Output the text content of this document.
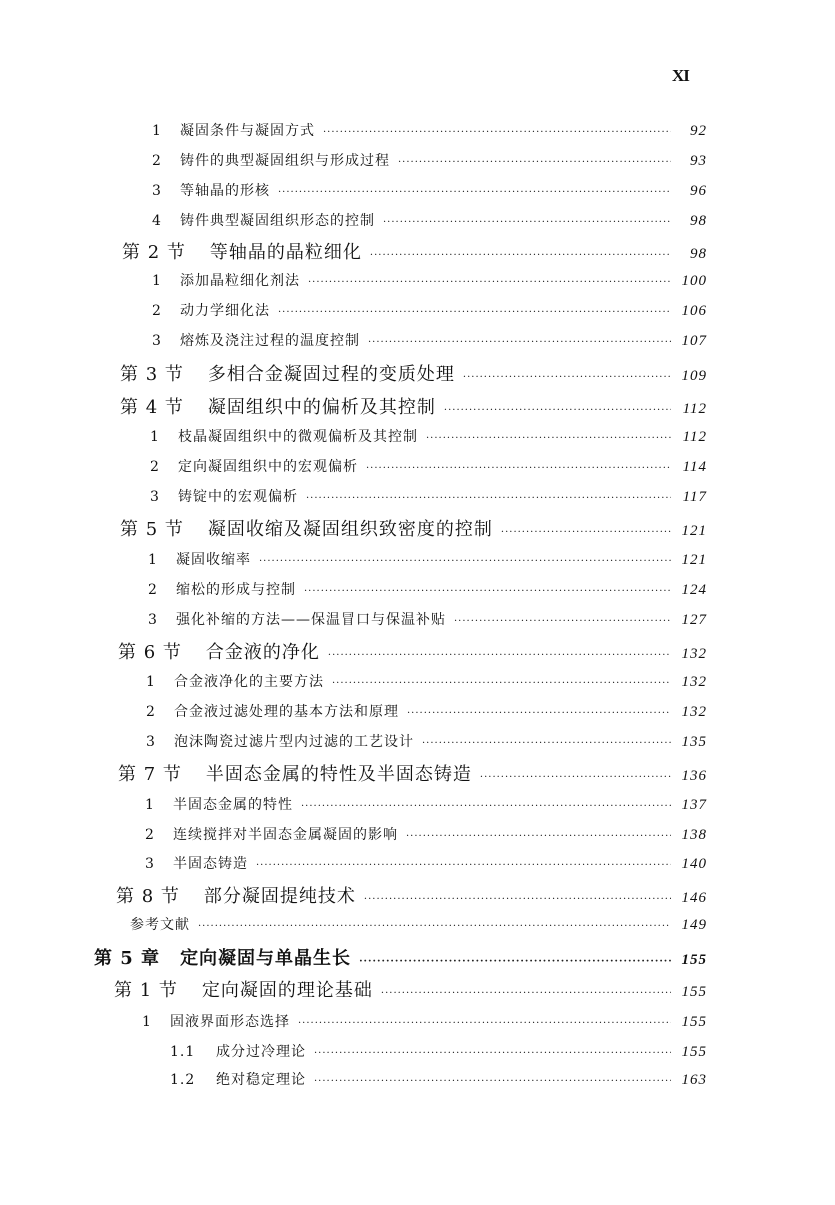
XI
1	凝固条件与凝固方式 ·····	92
2	铸件的典型凝固组织与形成过程 ·····	93
3	等轴晶的形核 ·····	96
4	铸件典型凝固组织形态的控制 ·····	98
第 2 节 等轴晶的晶粒细化 ·····	98
1	添加晶粒细化剂法 ·····	100
2	动力学细化法 ·····	106
3	熔炼及浇注过程的温度控制 ·····	107
第 3 节 多相合金凝固过程的变质处理 ·····	109
第 4 节 凝固组织中的偏析及其控制 ·····	112
1	枝晶凝固组织中的微观偏析及其控制 ·····	112
2	定向凝固组织中的宏观偏析 ·····	114
3	铸锭中的宏观偏析 ·····	117
第 5 节 凝固收缩及凝固组织致密度的控制 ·····	121
1	凝固收缩率 ·····	121
2	缩松的形成与控制 ·····	124
3	强化补缩的方法——保温冒口与保温补贴 ·····	127
第 6 节 合金液的净化 ·····	132
1	合金液净化的主要方法 ·····	132
2	合金液过滤处理的基本方法和原理 ·····	132
3	泡沫陶瓷过滤片型内过滤的工艺设计 ·····	135
第 7 节 半固态金属的特性及半固态铸造 ·····	136
1	半固态金属的特性 ·····	137
2	连续搅拌对半固态金属凝固的影响 ·····	138
3	半固态铸造 ·····	140
第 8 节 部分凝固提纯技术 ·····	146
参考文献 ·····	149
第 5 章 定向凝固与单晶生长 ·····	155
第 1 节 定向凝固的理论基础 ·····	155
1	固液界面形态选择 ·····	155
1.1	成分过冷理论 ·····	155
1.2	绝对稳定理论 ·····	163
